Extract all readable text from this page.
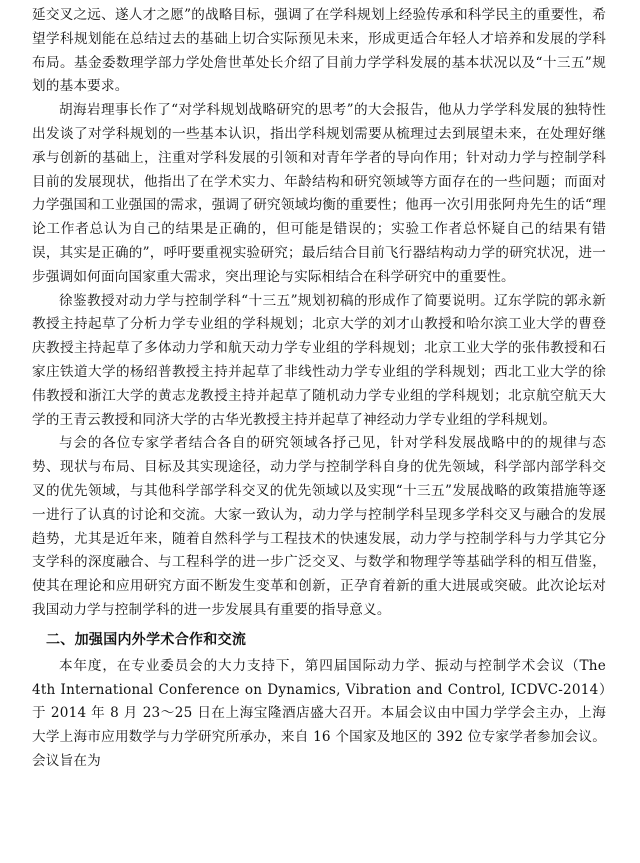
延交叉之远、遂人才之愿”的战略目标，强调了在学科规划上经验传承和科学民主的重要性，希望学科规划能在总结过去的基础上切合实际预见未来，形成更适合年轻人才培养和发展的学科布局。基金委数理学部力学处詹世革处长介绍了目前力学学科发展的基本状况以及“十三五”规划的基本要求。

胡海岩理事长作了“对学科规划战略研究的思考”的大会报告，他从力学学科发展的独特性出发谈了对学科规划的一些基本认识，指出学科规划需要从梳理过去到展望未来，在处理好继承与创新的基础上，注重对学科发展的引领和对青年学者的导向作用；针对动力学与控制学科目前的发展现状，他指出了在学术实力、年龄结构和研究领域等方面存在的一些问题；而面对力学强国和工业强国的需求，强调了研究领域均衡的重要性；他再一次引用张阿舟先生的话“理论工作者总认为自己的结果是正确的，但可能是错误的；实验工作者总怀疑自己的结果有错误，其实是正确的”，呼吁要重视实验研究；最后结合目前飞行器结构动力学的研究状况，进一步强调如何面向国家重大需求，突出理论与实际相结合在科学研究中的重要性。

徐鉴教授对动力学与控制学科“十三五”规划初稿的形成作了简要说明。辽东学院的郭永新教授主持起草了分析力学专业组的学科规划；北京大学的刘才山教授和哈尔滨工业大学的曹登庆教授主持起草了多体动力学和航天动力学专业组的学科规划；北京工业大学的张伟教授和石家庄铁道大学的杨绍普教授主持并起草了非线性动力学专业组的学科规划；西北工业大学的徐伟教授和浙江大学的黄志龙教授主持并起草了随机动力学专业组的学科规划；北京航空航天大学的王青云教授和同济大学的古华光教授主持并起草了神经动力学专业组的学科规划。

与会的各位专家学者结合各自的研究领域各抒己见，针对学科发展战略中的的规律与态势、现状与布局、目标及其实现途径，动力学与控制学科自身的优先领域，科学部内部学科交叉的优先领域，与其他科学部学科交叉的优先领域以及实现“十三五”发展战略的政策措施等逐一进行了认真的讨论和交流。大家一致认为，动力学与控制学科呈现多学科交叉与融合的发展趋势，尤其是近年来，随着自然科学与工程技术的快速发展，动力学与控制学科与力学其它分支学科的深度融合、与工程科学的进一步广泛交叉、与数学和物理学等基础学科的相互借鉴，使其在理论和应用研究方面不断发生变革和创新，正孕育着新的重大进展或突破。此次论坛对我国动力学与控制学科的进一步发展具有重要的指导意义。

二、加强国内外学术合作和交流

本年度，在专业委员会的大力支持下，第四届国际动力学、振动与控制学术会议（The 4th International Conference on Dynamics, Vibration and Control, ICDVC-2014）于 2014 年 8 月 23～25 日在上海宝隆酒店盛大召开。本届会议由中国力学学会主办，上海大学上海市应用数学与力学研究所承办，来自 16 个国家及地区的 392 位专家学者参加会议。会议旨在为
